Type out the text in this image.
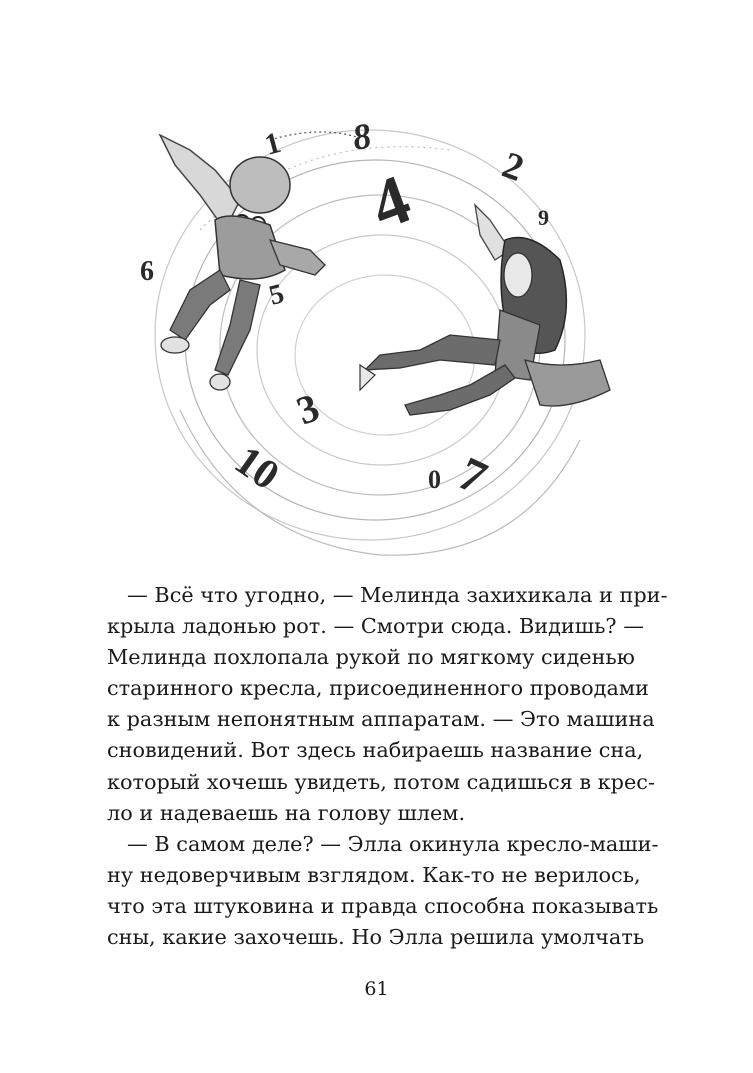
1 8
2
9
4
6
5
3
10	0 7
— Всё что угодно, — Мелинда захихикала и при-
крыла ладонью рот. — Смотри сюда. Видишь? —
Мелинда похлопала рукой по мягкому сиденью
старинного кресла, присоединенного проводами
к разным непонятным аппаратам. — Это машина
сновидений. Вот здесь набираешь название сна,
который хочешь увидеть, потом садишься в крес-
ло и надеваешь на голову шлем.
— В самом деле? — Элла окинула кресло-маши-
ну недоверчивым взглядом. Как-то не верилось,
что эта штуковина и правда способна показывать
сны, какие захочешь. Но Элла решила умолчать
61
